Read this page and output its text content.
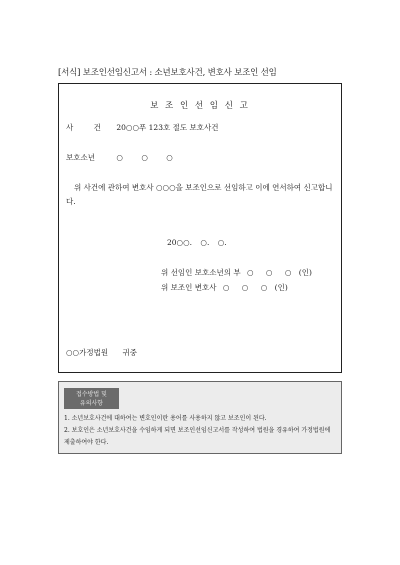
[서식] 보조인선임신고서 : 소년보호사건, 변호사 보조인 선임
보 조 인 선 임 신 고
사 건 20○○푸 123호 절도 보호사건
보호소년	○ ○ ○
위 사건에 관하여 변호사 ○○○을 보조인으로 선임하고 이에 연서하여 신고합니다.
20○○. ○. ○.
위 선임인 보호소년의 부 ○ ○ ○ (인)
위 보조인 변호사 ○ ○ ○ (인)
○○가정법원 귀중
접수방법 및
유의사항
1. 소년보호사건에 대하여는 변호인이란 용어를 사용하지 않고 보조인이 된다.
2. 보호인은 소년보호사건을 수임하게 되면 보조인선임신고서를 작성하여 법원을 경유하여 가정법원에 제출하여야 한다.
